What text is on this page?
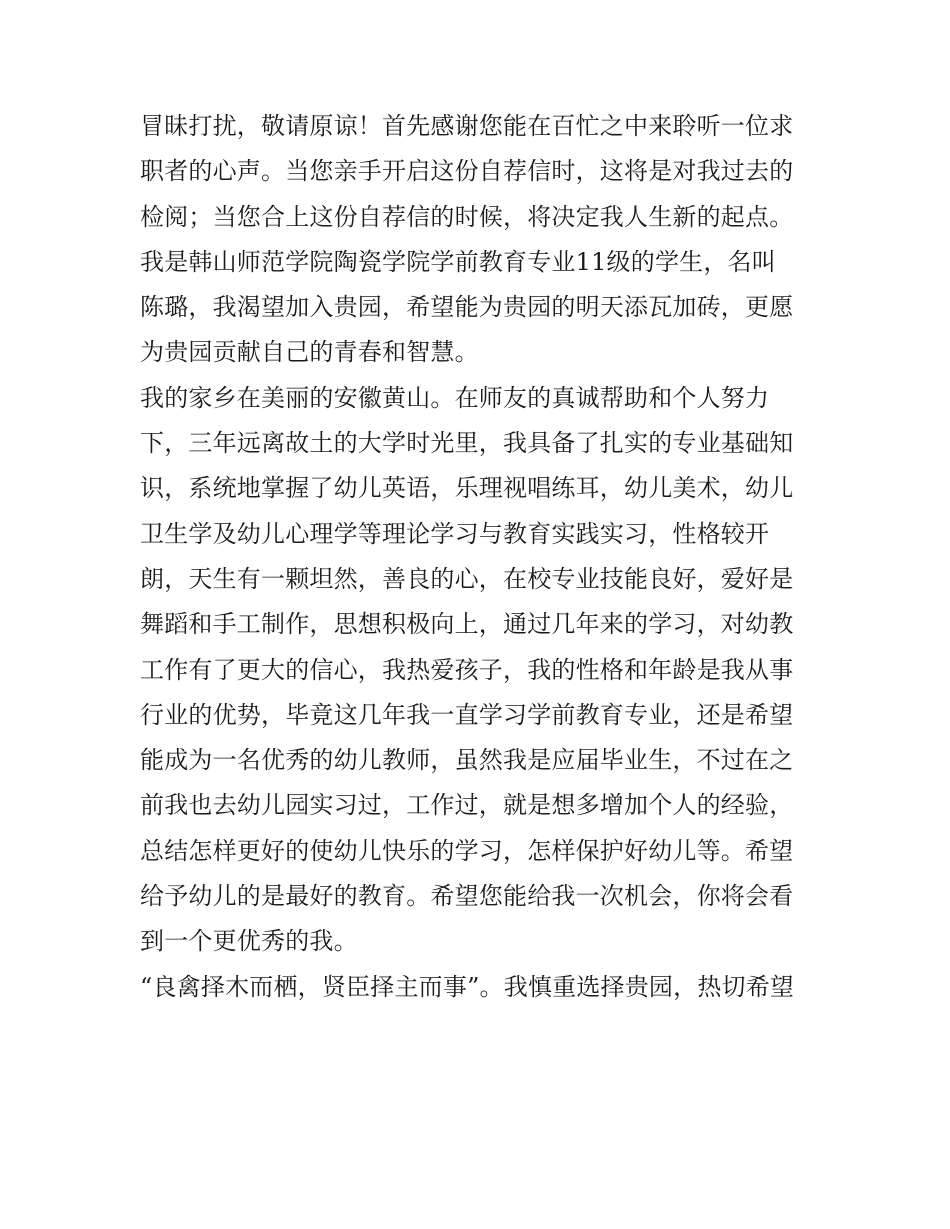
冒昧打扰，敬请原谅！首先感谢您能在百忙之中来聆听一位求
职者的心声。当您亲手开启这份自荐信时，这将是对我过去的
检阅；当您合上这份自荐信的时候，将决定我人生新的起点。
我是韩山师范学院陶瓷学院学前教育专业11级的学生，名叫
陈璐，我渴望加入贵园，希望能为贵园的明天添瓦加砖，更愿
为贵园贡献自己的青春和智慧。
我的家乡在美丽的安徽黄山。在师友的真诚帮助和个人努力
下，三年远离故土的大学时光里，我具备了扎实的专业基础知
识，系统地掌握了幼儿英语，乐理视唱练耳，幼儿美术，幼儿
卫生学及幼儿心理学等理论学习与教育实践实习，性格较开
朗，天生有一颗坦然，善良的心，在校专业技能良好，爱好是
舞蹈和手工制作，思想积极向上，通过几年来的学习，对幼教
工作有了更大的信心，我热爱孩子，我的性格和年龄是我从事
行业的优势，毕竟这几年我一直学习学前教育专业，还是希望
能成为一名优秀的幼儿教师，虽然我是应届毕业生，不过在之
前我也去幼儿园实习过，工作过，就是想多增加个人的经验，
总结怎样更好的使幼儿快乐的学习，怎样保护好幼儿等。希望
给予幼儿的是最好的教育。希望您能给我一次机会，你将会看
到一个更优秀的我。
“良禽择木而栖，贤臣择主而事”。我慎重选择贵园，热切希望
